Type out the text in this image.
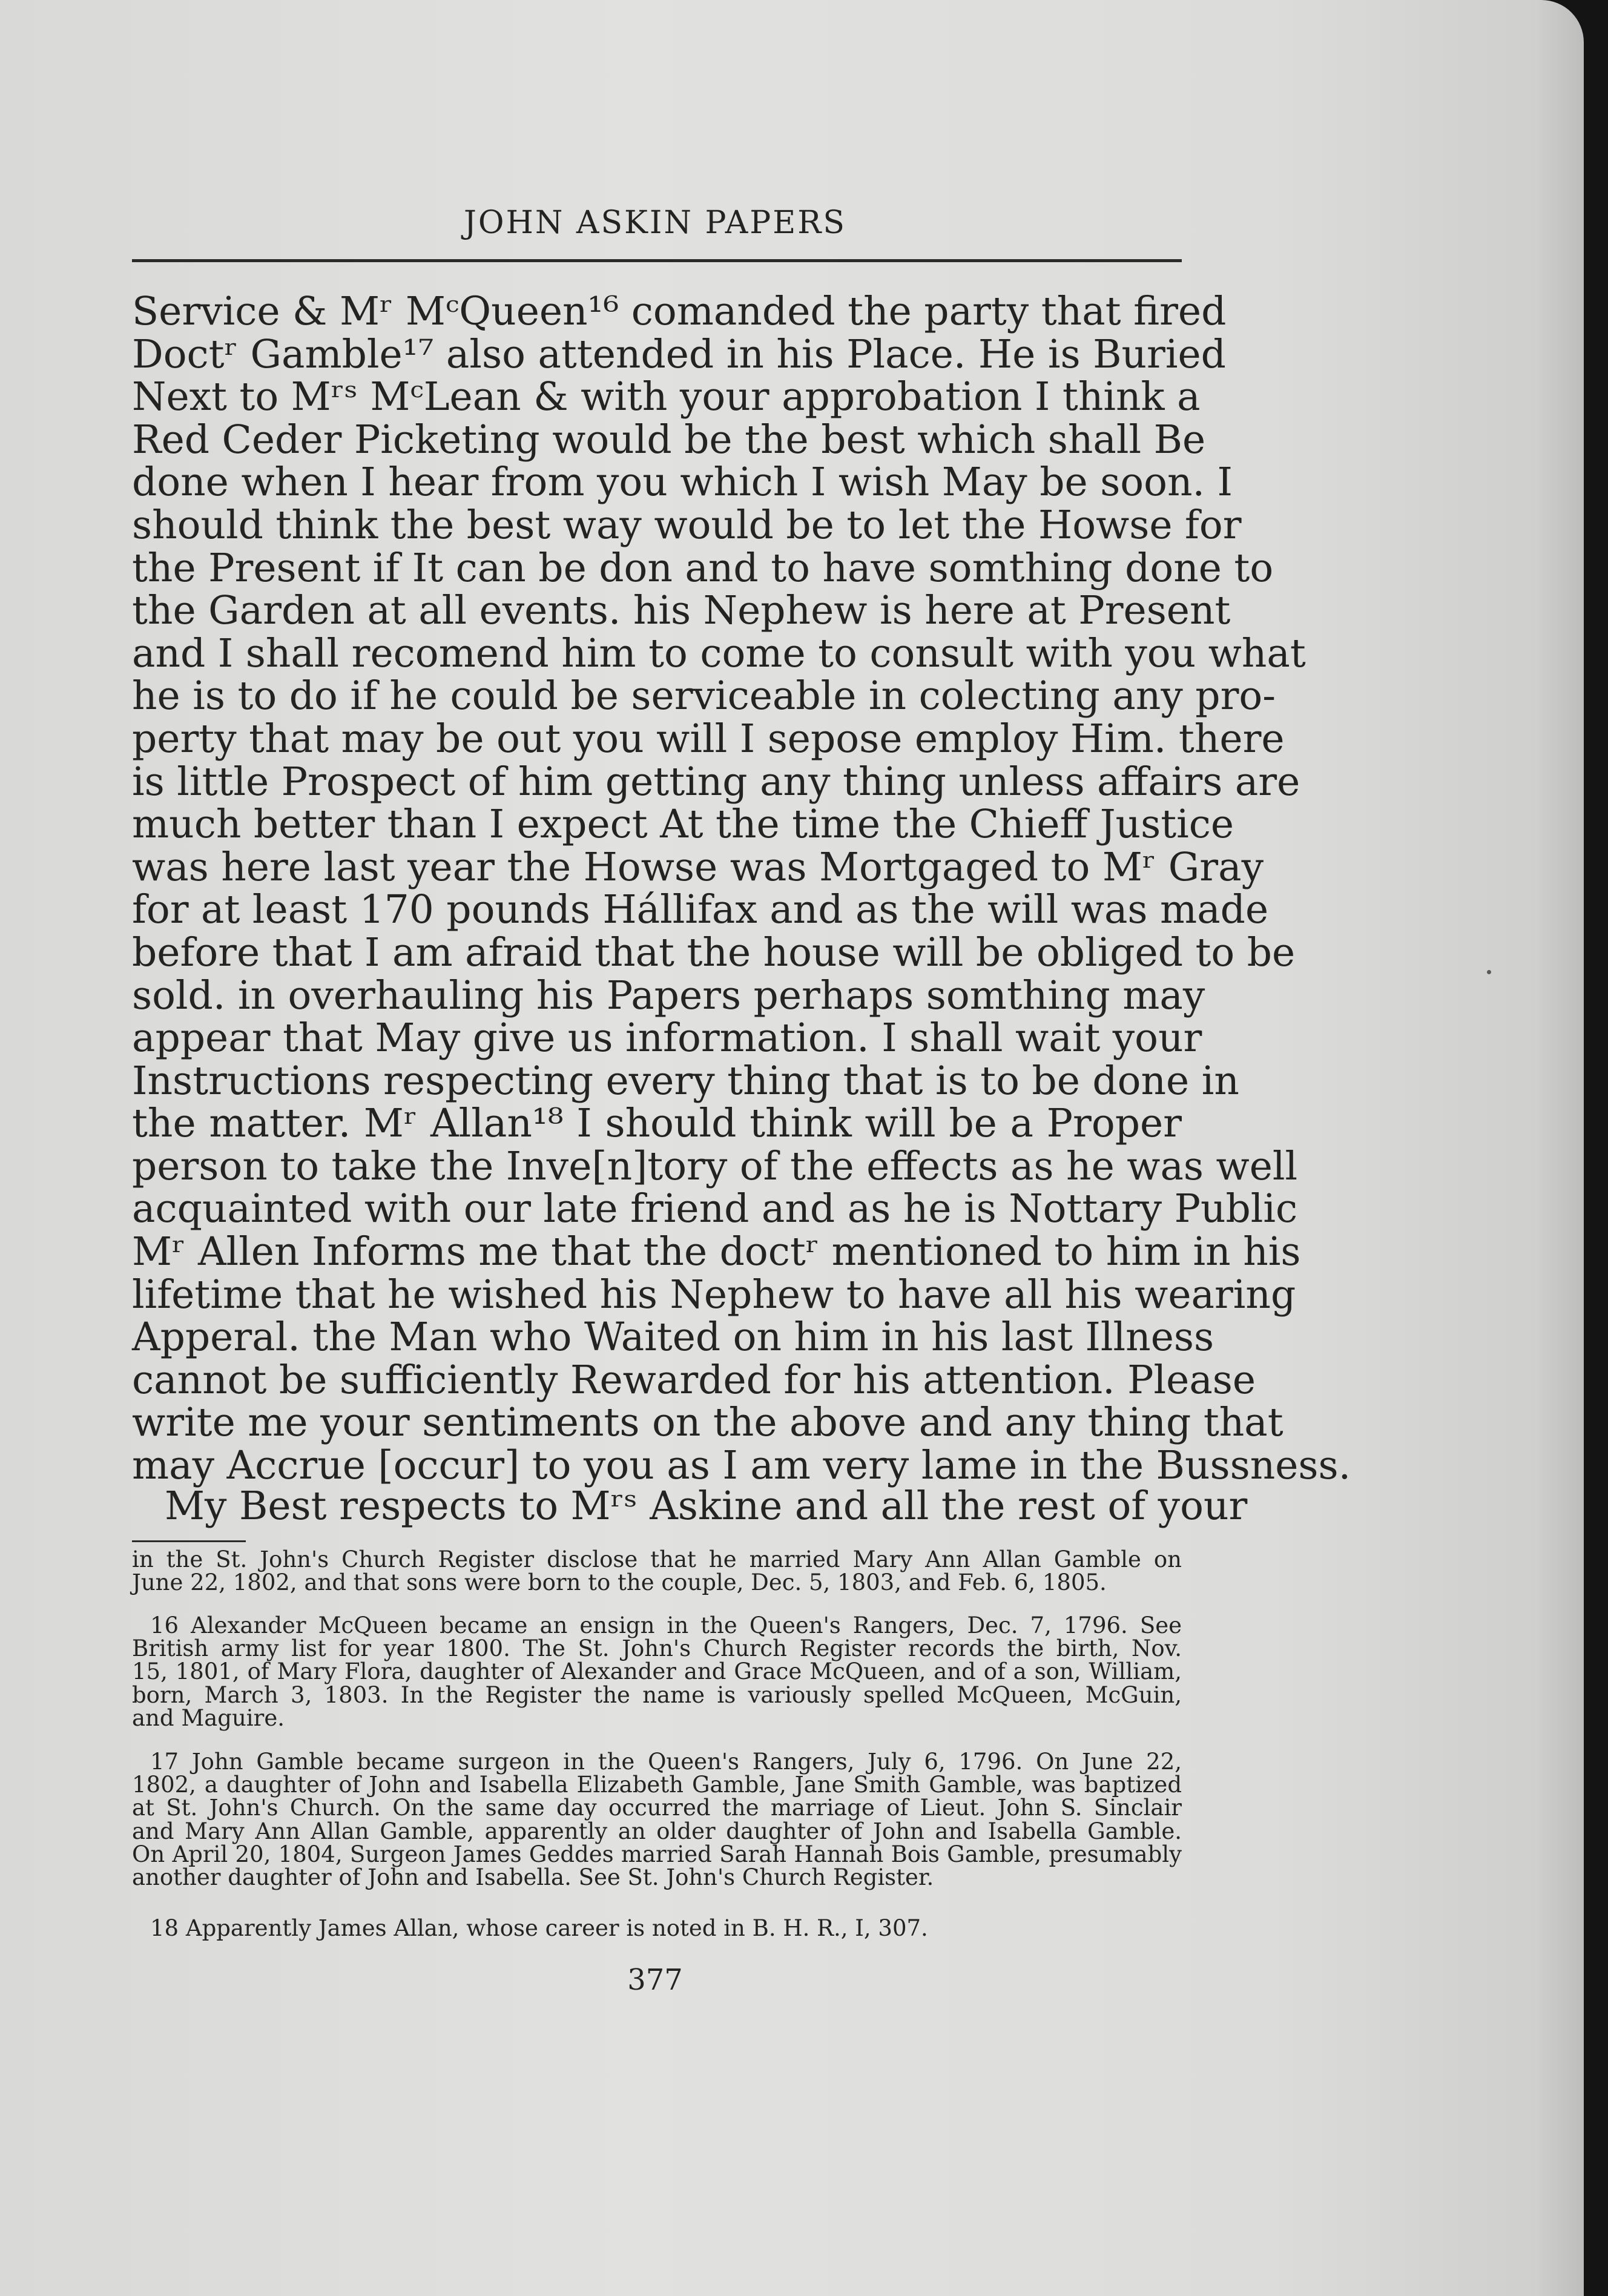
JOHN ASKIN PAPERS

Service & Mʳ MᶜQueen¹⁶ comanded the party that fired
Doctʳ Gamble¹⁷ also attended in his Place. He is Buried
Next to Mʳˢ MᶜLean & with your approbation I think a
Red Ceder Picketing would be the best which shall Be
done when I hear from you which I wish May be soon. I
should think the best way would be to let the Howse for
the Present if It can be don and to have somthing done to
the Garden at all events. his Nephew is here at Present
and I shall recomend him to come to consult with you what
he is to do if he could be serviceable in colecting any pro-
perty that may be out you will I sepose employ Him. there
is little Prospect of him getting any thing unless affairs are
much better than I expect At the time the Chieff Justice
was here last year the Howse was Mortgaged to Mʳ Gray
for at least 170 pounds Hállifax and as the will was made
before that I am afraid that the house will be obliged to be
sold. in overhauling his Papers perhaps somthing may
appear that May give us information. I shall wait your
Instructions respecting every thing that is to be done in
the matter. Mʳ Allan¹⁸ I should think will be a Proper
person to take the Inve[n]tory of the effects as he was well
acquainted with our late friend and as he is Nottary Public
Mʳ Allen Informs me that the doctʳ mentioned to him in his
lifetime that he wished his Nephew to have all his wearing
Apperal. the Man who Waited on him in his last Illness
cannot be sufficiently Rewarded for his attention. Please
write me your sentiments on the above and any thing that
may Accrue [occur] to you as I am very lame in the Bussness.
My Best respects to Mʳˢ Askine and all the rest of your
in the St. John's Church Register disclose that he married Mary Ann Allan Gamble on
June 22, 1802, and that sons were born to the couple, Dec. 5, 1803, and Feb. 6, 1805.
16 Alexander McQueen became an ensign in the Queen's Rangers, Dec. 7, 1796. See
British army list for year 1800. The St. John's Church Register records the birth, Nov.
15, 1801, of Mary Flora, daughter of Alexander and Grace McQueen, and of a son, William,
born, March 3, 1803. In the Register the name is variously spelled McQueen, McGuin,
and Maguire.
17 John Gamble became surgeon in the Queen's Rangers, July 6, 1796. On June 22,
1802, a daughter of John and Isabella Elizabeth Gamble, Jane Smith Gamble, was baptized
at St. John's Church. On the same day occurred the marriage of Lieut. John S. Sinclair
and Mary Ann Allan Gamble, apparently an older daughter of John and Isabella Gamble.
On April 20, 1804, Surgeon James Geddes married Sarah Hannah Bois Gamble, presumably
another daughter of John and Isabella. See St. John's Church Register.
18 Apparently James Allan, whose career is noted in B. H. R., I, 307.

377
